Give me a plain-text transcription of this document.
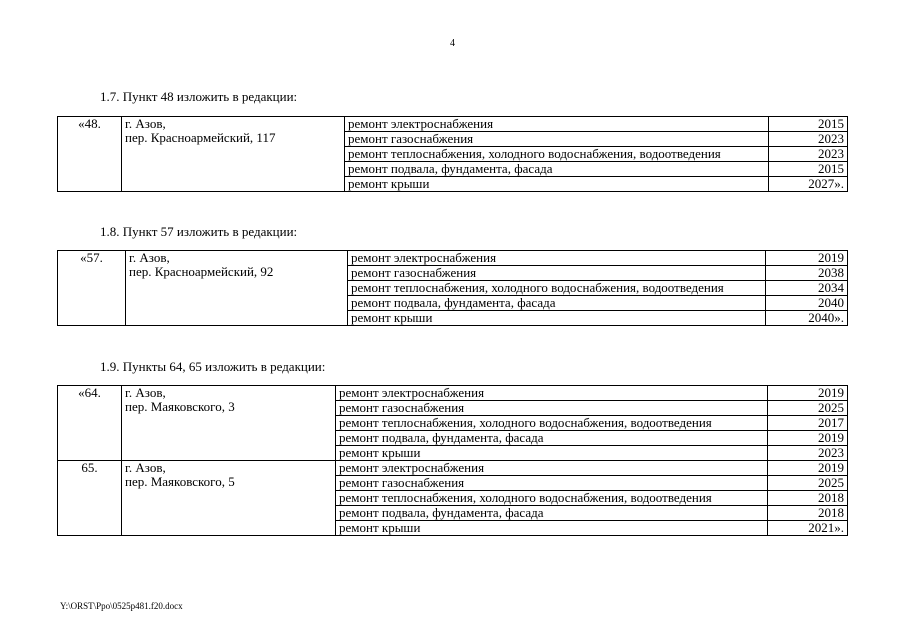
4
1.7. Пункт 48 изложить в редакции:
«48.	г. Азов,
пер. Красноармейский, 117	ремонт электроснабжения	2015
		ремонт газоснабжения	2023
		ремонт теплоснабжения, холодного водоснабжения, водоотведения	2023
		ремонт подвала, фундамента, фасада	2015
		ремонт крыши	2027».
1.8. Пункт 57 изложить в редакции:
«57.	г. Азов,
пер. Красноармейский, 92	ремонт электроснабжения	2019
		ремонт газоснабжения	2038
		ремонт теплоснабжения, холодного водоснабжения, водоотведения	2034
		ремонт подвала, фундамента, фасада	2040
		ремонт крыши	2040».
1.9. Пункты 64, 65 изложить в редакции:
«64.	г. Азов,
пер. Маяковского, 3	ремонт электроснабжения	2019
		ремонт газоснабжения	2025
		ремонт теплоснабжения, холодного водоснабжения, водоотведения	2017
		ремонт подвала, фундамента, фасада	2019
		ремонт крыши	2023
65.	г. Азов,
пер. Маяковского, 5	ремонт электроснабжения	2019
		ремонт газоснабжения	2025
		ремонт теплоснабжения, холодного водоснабжения, водоотведения	2018
		ремонт подвала, фундамента, фасада	2018
		ремонт крыши	2021».
Y:\ORST\Ppo\0525p481.f20.docx
